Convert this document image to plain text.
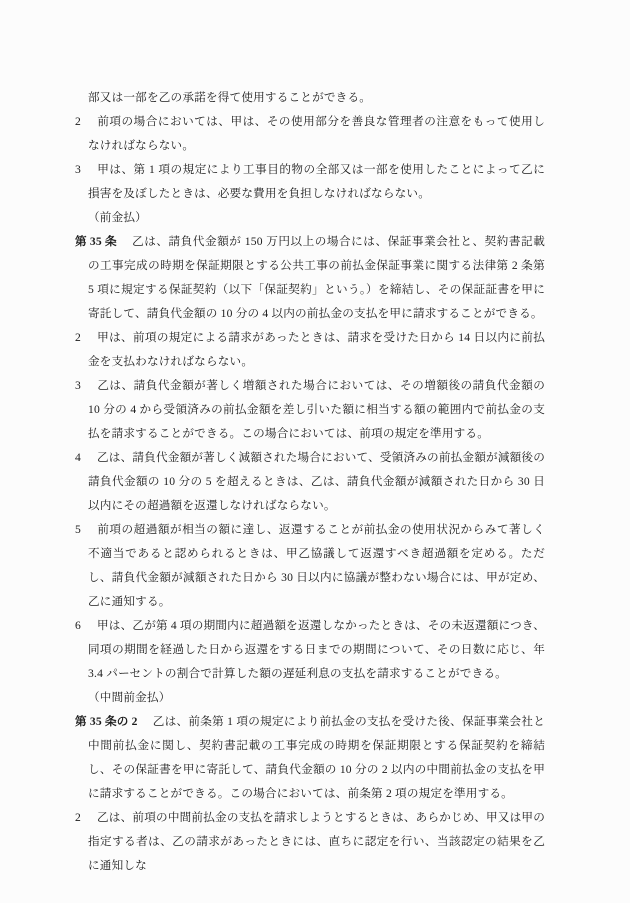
部又は一部を乙の承諾を得て使用することができる。
2 前項の場合においては、甲は、その使用部分を善良な管理者の注意をもって使用しなければならない。
3 甲は、第 1 項の規定により工事目的物の全部又は一部を使用したことによって乙に損害を及ぼしたときは、必要な費用を負担しなければならない。
（前金払）
第 35 条 乙は、請負代金額が 150 万円以上の場合には、保証事業会社と、契約書記載の工事完成の時期を保証期限とする公共工事の前払金保証事業に関する法律第 2 条第 5 項に規定する保証契約（以下「保証契約」という。）を締結し、その保証証書を甲に寄託して、請負代金額の 10 分の 4 以内の前払金の支払を甲に請求することができる。
2 甲は、前項の規定による請求があったときは、請求を受けた日から 14 日以内に前払金を支払わなければならない。
3 乙は、請負代金額が著しく増額された場合においては、その増額後の請負代金額の 10 分の 4 から受領済みの前払金額を差し引いた額に相当する額の範囲内で前払金の支払を請求することができる。この場合においては、前項の規定を準用する。
4 乙は、請負代金額が著しく減額された場合において、受領済みの前払金額が減額後の請負代金額の 10 分の 5 を超えるときは、乙は、請負代金額が減額された日から 30 日以内にその超過額を返還しなければならない。
5 前項の超過額が相当の額に達し、返還することが前払金の使用状況からみて著しく不適当であると認められるときは、甲乙協議して返還すべき超過額を定める。ただし、請負代金額が減額された日から 30 日以内に協議が整わない場合には、甲が定め、乙に通知する。
6 甲は、乙が第 4 項の期間内に超過額を返還しなかったときは、その未返還額につき、同項の期間を経過した日から返還をする日までの期間について、その日数に応じ、年 3.4 パーセントの割合で計算した額の遅延利息の支払を請求することができる。
（中間前金払）
第 35 条の 2 乙は、前条第 1 項の規定により前払金の支払を受けた後、保証事業会社と中間前払金に関し、契約書記載の工事完成の時期を保証期限とする保証契約を締結し、その保証書を甲に寄託して、請負代金額の 10 分の 2 以内の中間前払金の支払を甲に請求することができる。この場合においては、前条第 2 項の規定を準用する。
2 乙は、前項の中間前払金の支払を請求しようとするときは、あらかじめ、甲又は甲の指定する者は、乙の請求があったときには、直ちに認定を行い、当該認定の結果を乙に通知しな
